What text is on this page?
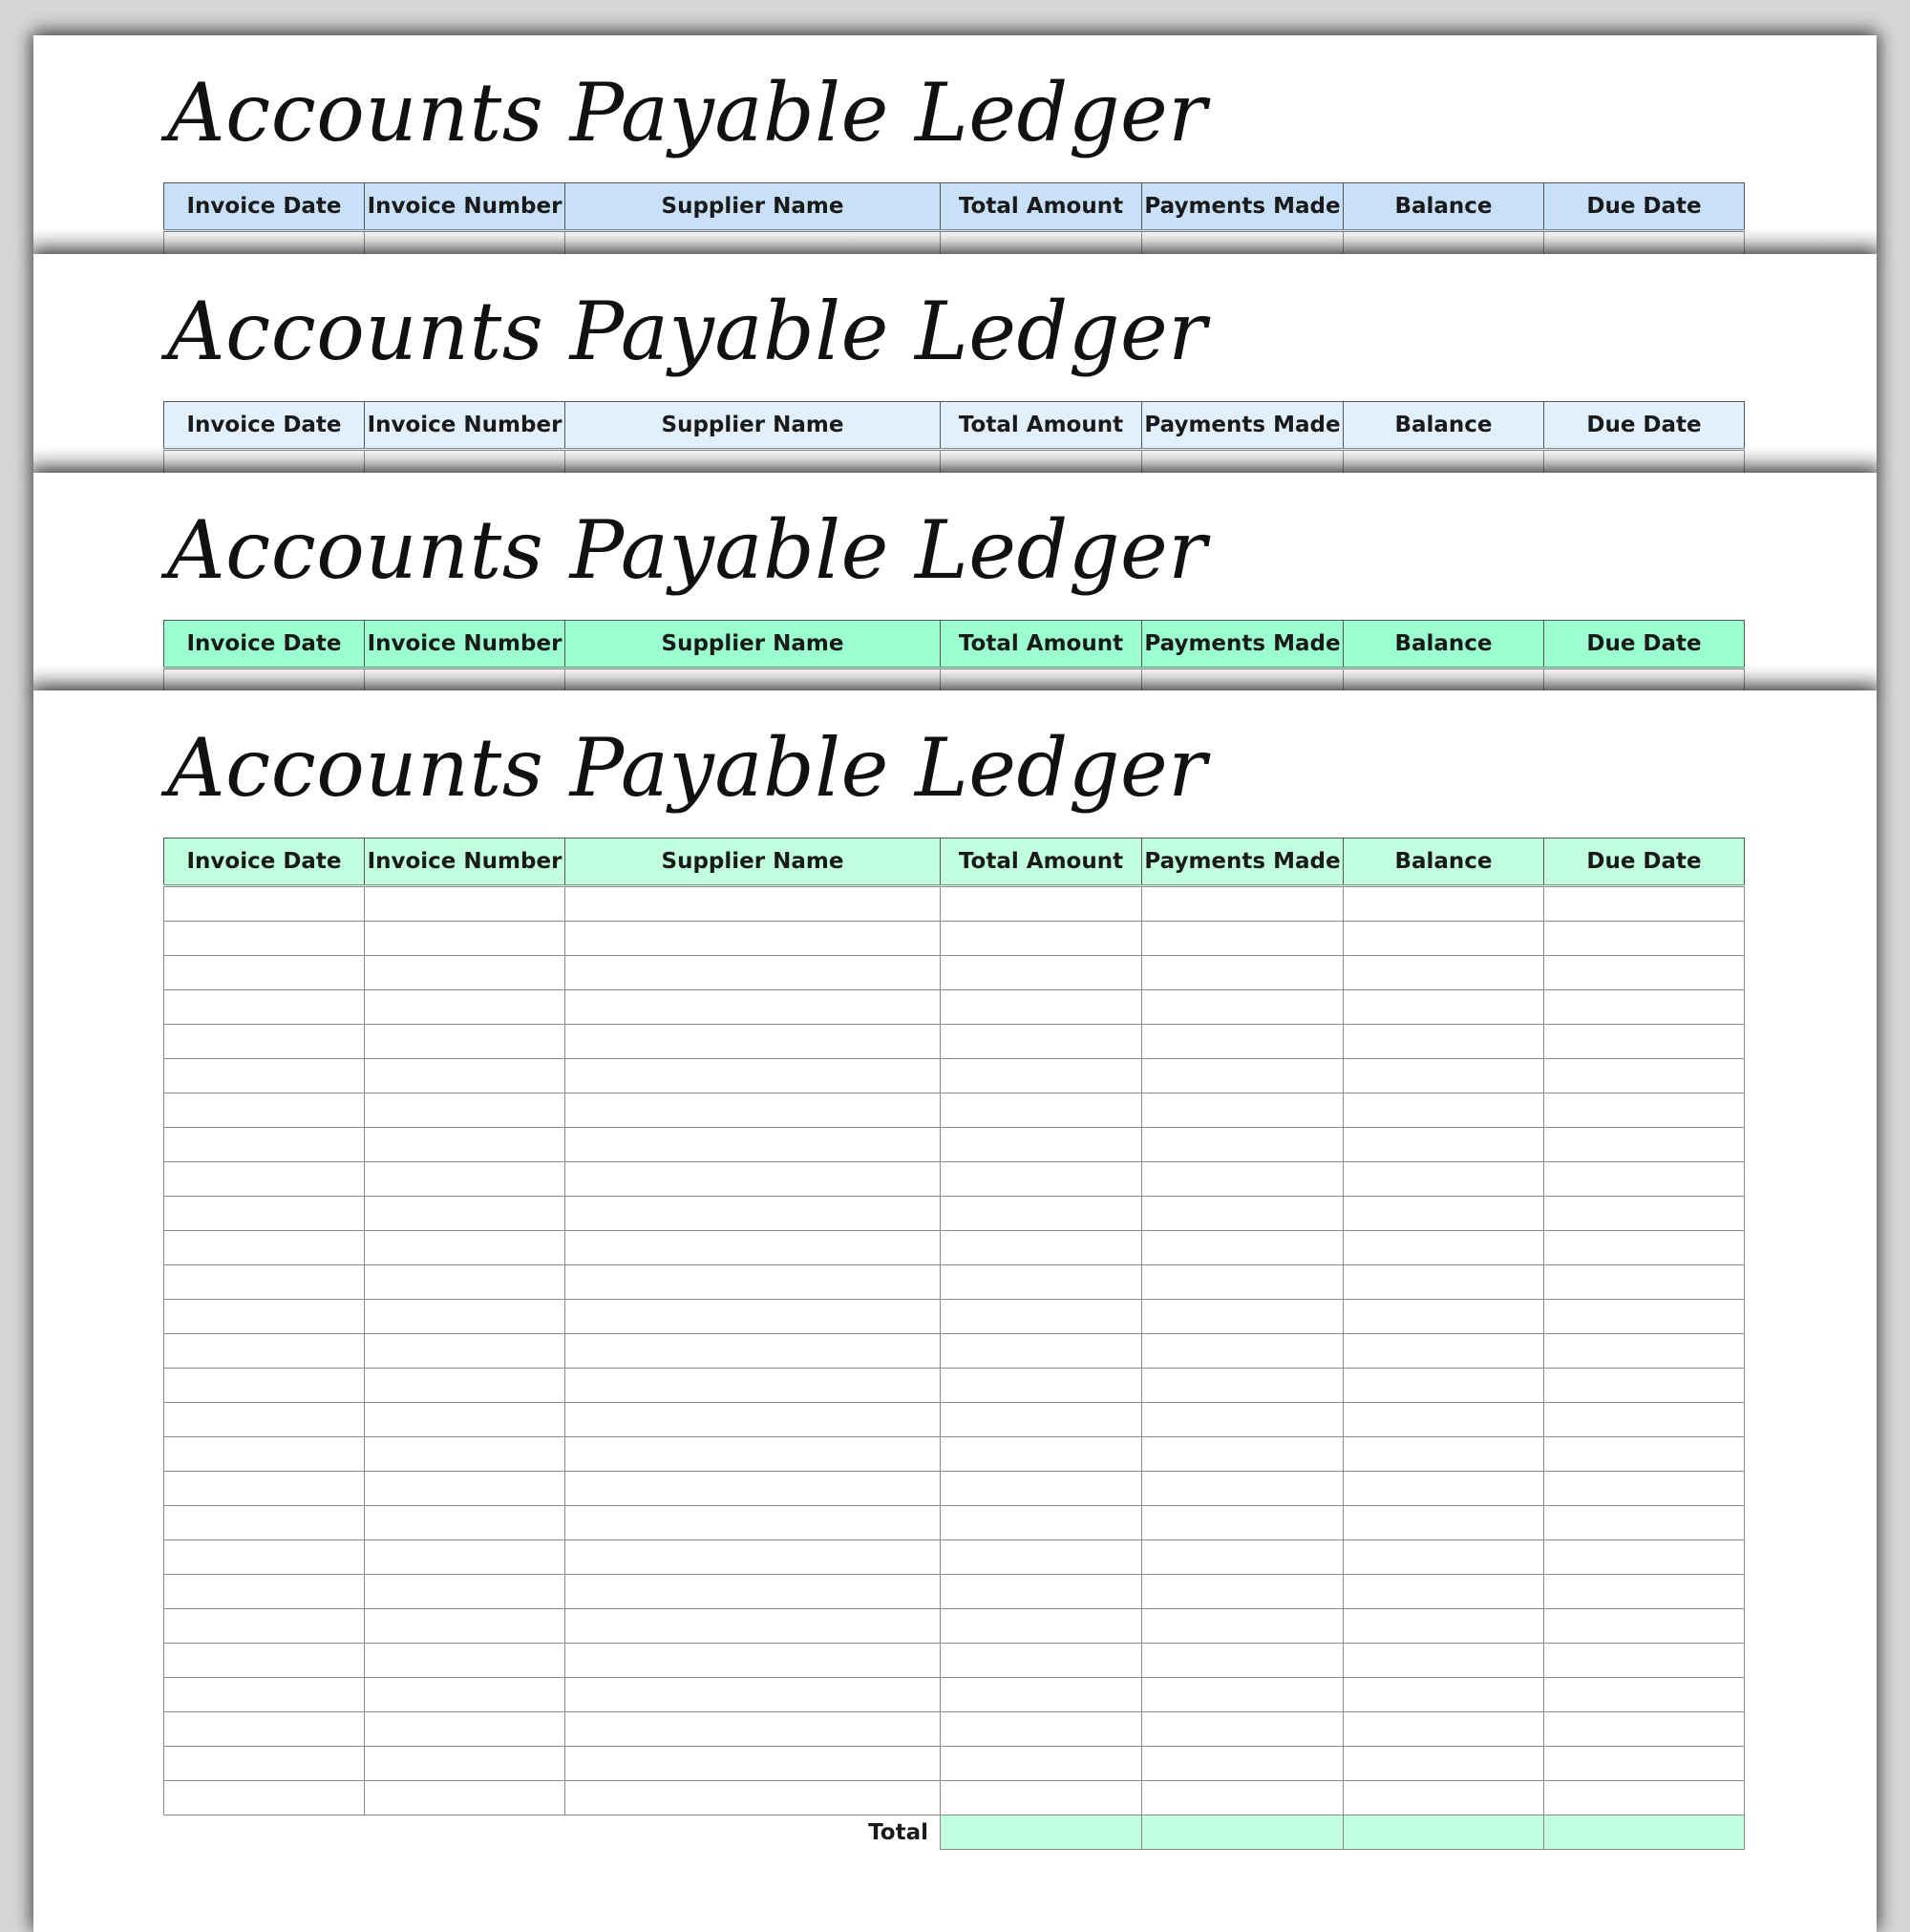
Accounts Payable Ledger
Invoice Date	Invoice Number	Supplier Name	Total Amount	Payments Made	Balance	Due Date

Accounts Payable Ledger
Invoice Date	Invoice Number	Supplier Name	Total Amount	Payments Made	Balance	Due Date

Accounts Payable Ledger
Invoice Date	Invoice Number	Supplier Name	Total Amount	Payments Made	Balance	Due Date

Accounts Payable Ledger
Invoice Date	Invoice Number	Supplier Name	Total Amount	Payments Made	Balance	Due Date

		Total				
